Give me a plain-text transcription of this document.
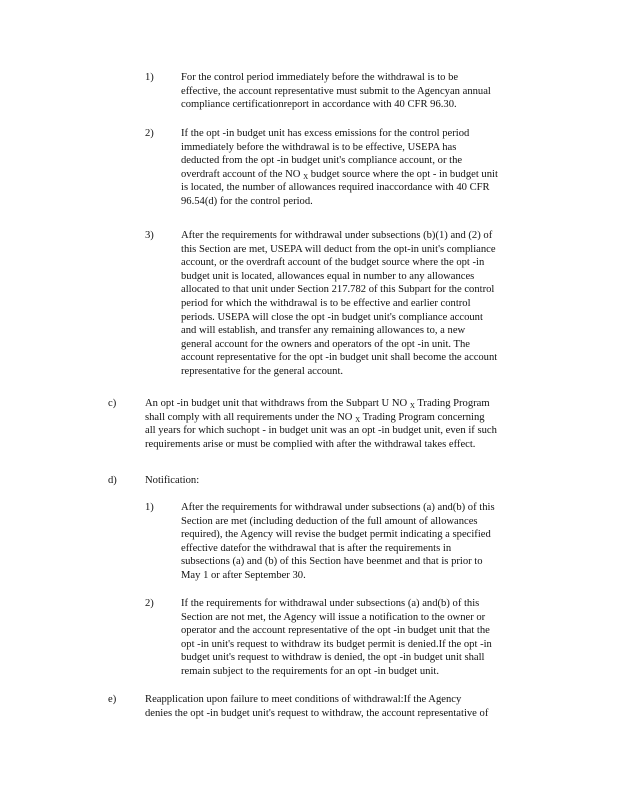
1)	For the control period immediately before the withdrawal is to be
effective, the account representative must submit to the Agencyan annual
compliance certificationreport in accordance with 40 CFR 96.30.
2)	If the opt -in budget unit has excess emissions for the control period
immediately before the withdrawal is to be effective, USEPA has
deducted from the opt -in budget unit's compliance account, or the
overdraft account of the NO $_X$ budget source where the opt - in budget unit
is located, the number of allowances required inaccordance with 40 CFR
96.54(d) for the control period.
3)	After the requirements for withdrawal under subsections (b)(1) and (2) of
this Section are met, USEPA will deduct from the opt-in unit's compliance
account, or the overdraft account of the budget source where the opt -in
budget unit is located, allowances equal in number to any allowances
allocated to that unit under Section 217.782 of this Subpart for the control
period for which the withdrawal is to be effective and earlier control
periods. USEPA will close the opt -in budget unit's compliance account
and will establish, and transfer any remaining allowances to, a new
general account for the owners and operators of the opt -in unit. The
account representative for the opt -in budget unit shall become the account
representative for the general account.
c)	An opt -in budget unit that withdraws from the Subpart U NO $_X$ Trading Program
shall comply with all requirements under the NO $_X$ Trading Program concerning
all years for which suchopt - in budget unit was an opt -in budget unit, even if such
requirements arise or must be complied with after the withdrawal takes effect.
d)	Notification:
1)	After the requirements for withdrawal under subsections (a) and(b) of this
Section are met (including deduction of the full amount of allowances
required), the Agency will revise the budget permit indicating a specified
effective datefor the withdrawal that is after the requirements in
subsections (a) and (b) of this Section have beenmet and that is prior to
May 1 or after September 30.
2)	If the requirements for withdrawal under subsections (a) and(b) of this
Section are not met, the Agency will issue a notification to the owner or
operator and the account representative of the opt -in budget unit that the
opt -in unit's request to withdraw its budget permit is denied.If the opt -in
budget unit's request to withdraw is denied, the opt -in budget unit shall
remain subject to the requirements for an opt -in budget unit.
e)	Reapplication upon failure to meet conditions of withdrawal:If the Agency
denies the opt -in budget unit's request to withdraw, the account representative of
